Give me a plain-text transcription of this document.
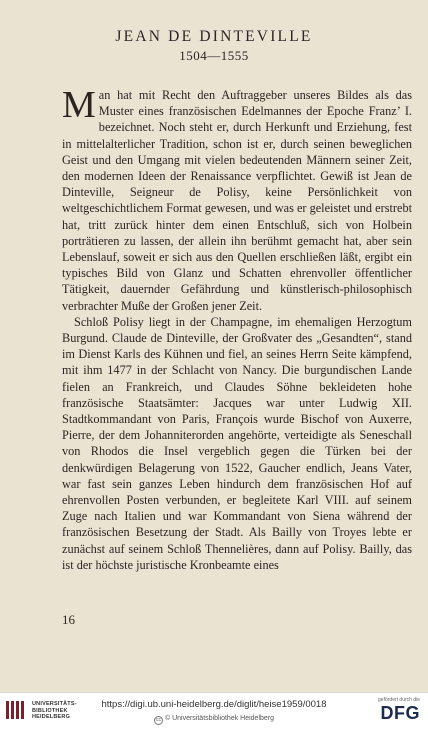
JEAN DE DINTEVILLE
1504—1555

Man hat mit Recht den Auftraggeber unseres Bildes als das Muster eines französischen Edelmannes der Epoche Franz’ I. bezeichnet. Noch steht er, durch Herkunft und Erziehung, fest in mittelalterlicher Tradition, schon ist er, durch seinen beweglichen Geist und den Umgang mit vielen bedeutenden Männern seiner Zeit, den modernen Ideen der Renaissance verpflichtet. Gewiß ist Jean de Dinteville, Seigneur de Polisy, keine Persönlichkeit von weltgeschichtlichem Format gewesen, und was er geleistet und erstrebt hat, tritt zurück hinter dem einen Entschluß, sich von Holbein porträtieren zu lassen, der allein ihn berühmt gemacht hat, aber sein Lebenslauf, soweit er sich aus den Quellen erschließen läßt, ergibt ein typisches Bild von Glanz und Schatten ehrenvoller öffentlicher Tätigkeit, dauernder Gefährdung und künstlerisch-philosophisch verbrachter Muße der Großen jener Zeit.

Schloß Polisy liegt in der Champagne, im ehemaligen Herzogtum Burgund. Claude de Dinteville, der Großvater des „Gesandten“, stand im Dienst Karls des Kühnen und fiel, an seines Herrn Seite kämpfend, mit ihm 1477 in der Schlacht von Nancy. Die burgundischen Lande fielen an Frankreich, und Claudes Söhne bekleideten hohe französische Staatsämter: Jacques war unter Ludwig XII. Stadtkommandant von Paris, François wurde Bischof von Auxerre, Pierre, der dem Johanniterorden angehörte, verteidigte als Seneschall von Rhodos die Insel vergeblich gegen die Türken bei der denkwürdigen Belagerung von 1522, Gaucher endlich, Jeans Vater, war fast sein ganzes Leben hindurch dem französischen Hof auf ehrenvollen Posten verbunden, er begleitete Karl VIII. auf seinem Zuge nach Italien und war Kommandant von Siena während der französischen Besetzung der Stadt. Als Bailly von Troyes lebte er zunächst auf seinem Schloß Thennelières, dann auf Polisy. Bailly, das ist der höchste juristische Kronbeamte eines

16
UNIVERSITÄTS-
BIBLIOTHEK
HEIDELBERG
https://digi.ub.uni-heidelberg.de/diglit/heise1959/0018
cc © Universitätsbibliothek Heidelberg
gefördert durch die
DFG
